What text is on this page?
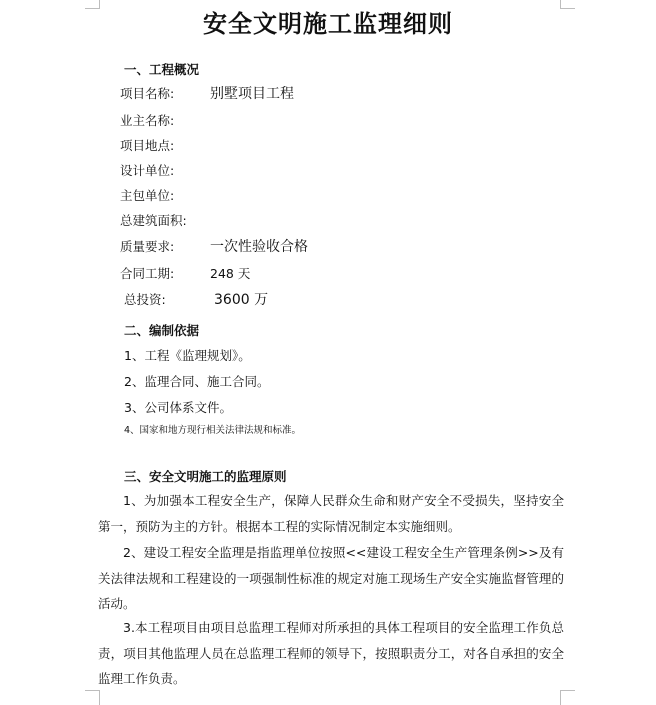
安全文明施工监理细则
一、工程概况
项目名称:	别墅项目工程
业主名称:
项目地点:
设计单位:
主包单位:
总建筑面积:
质量要求:	一次性验收合格
合同工期:	248 天
总投资:	3600 万
二、编制依据
1、工程《监理规划》。
2、监理合同、施工合同。
3、公司体系文件。
4、国家和地方现行相关法律法规和标准。
三、安全文明施工的监理原则
1、为加强本工程安全生产，保障人民群众生命和财产安全不受损失，坚持安全第一，预防为主的方针。根据本工程的实际情况制定本实施细则。
2、建设工程安全监理是指监理单位按照<<建设工程安全生产管理条例>>及有关法律法规和工程建设的一项强制性标准的规定对施工现场生产安全实施监督管理的活动。
3.本工程项目由项目总监理工程师对所承担的具体工程项目的安全监理工作负总责，项目其他监理人员在总监理工程师的领导下，按照职责分工，对各自承担的安全监理工作负责。
